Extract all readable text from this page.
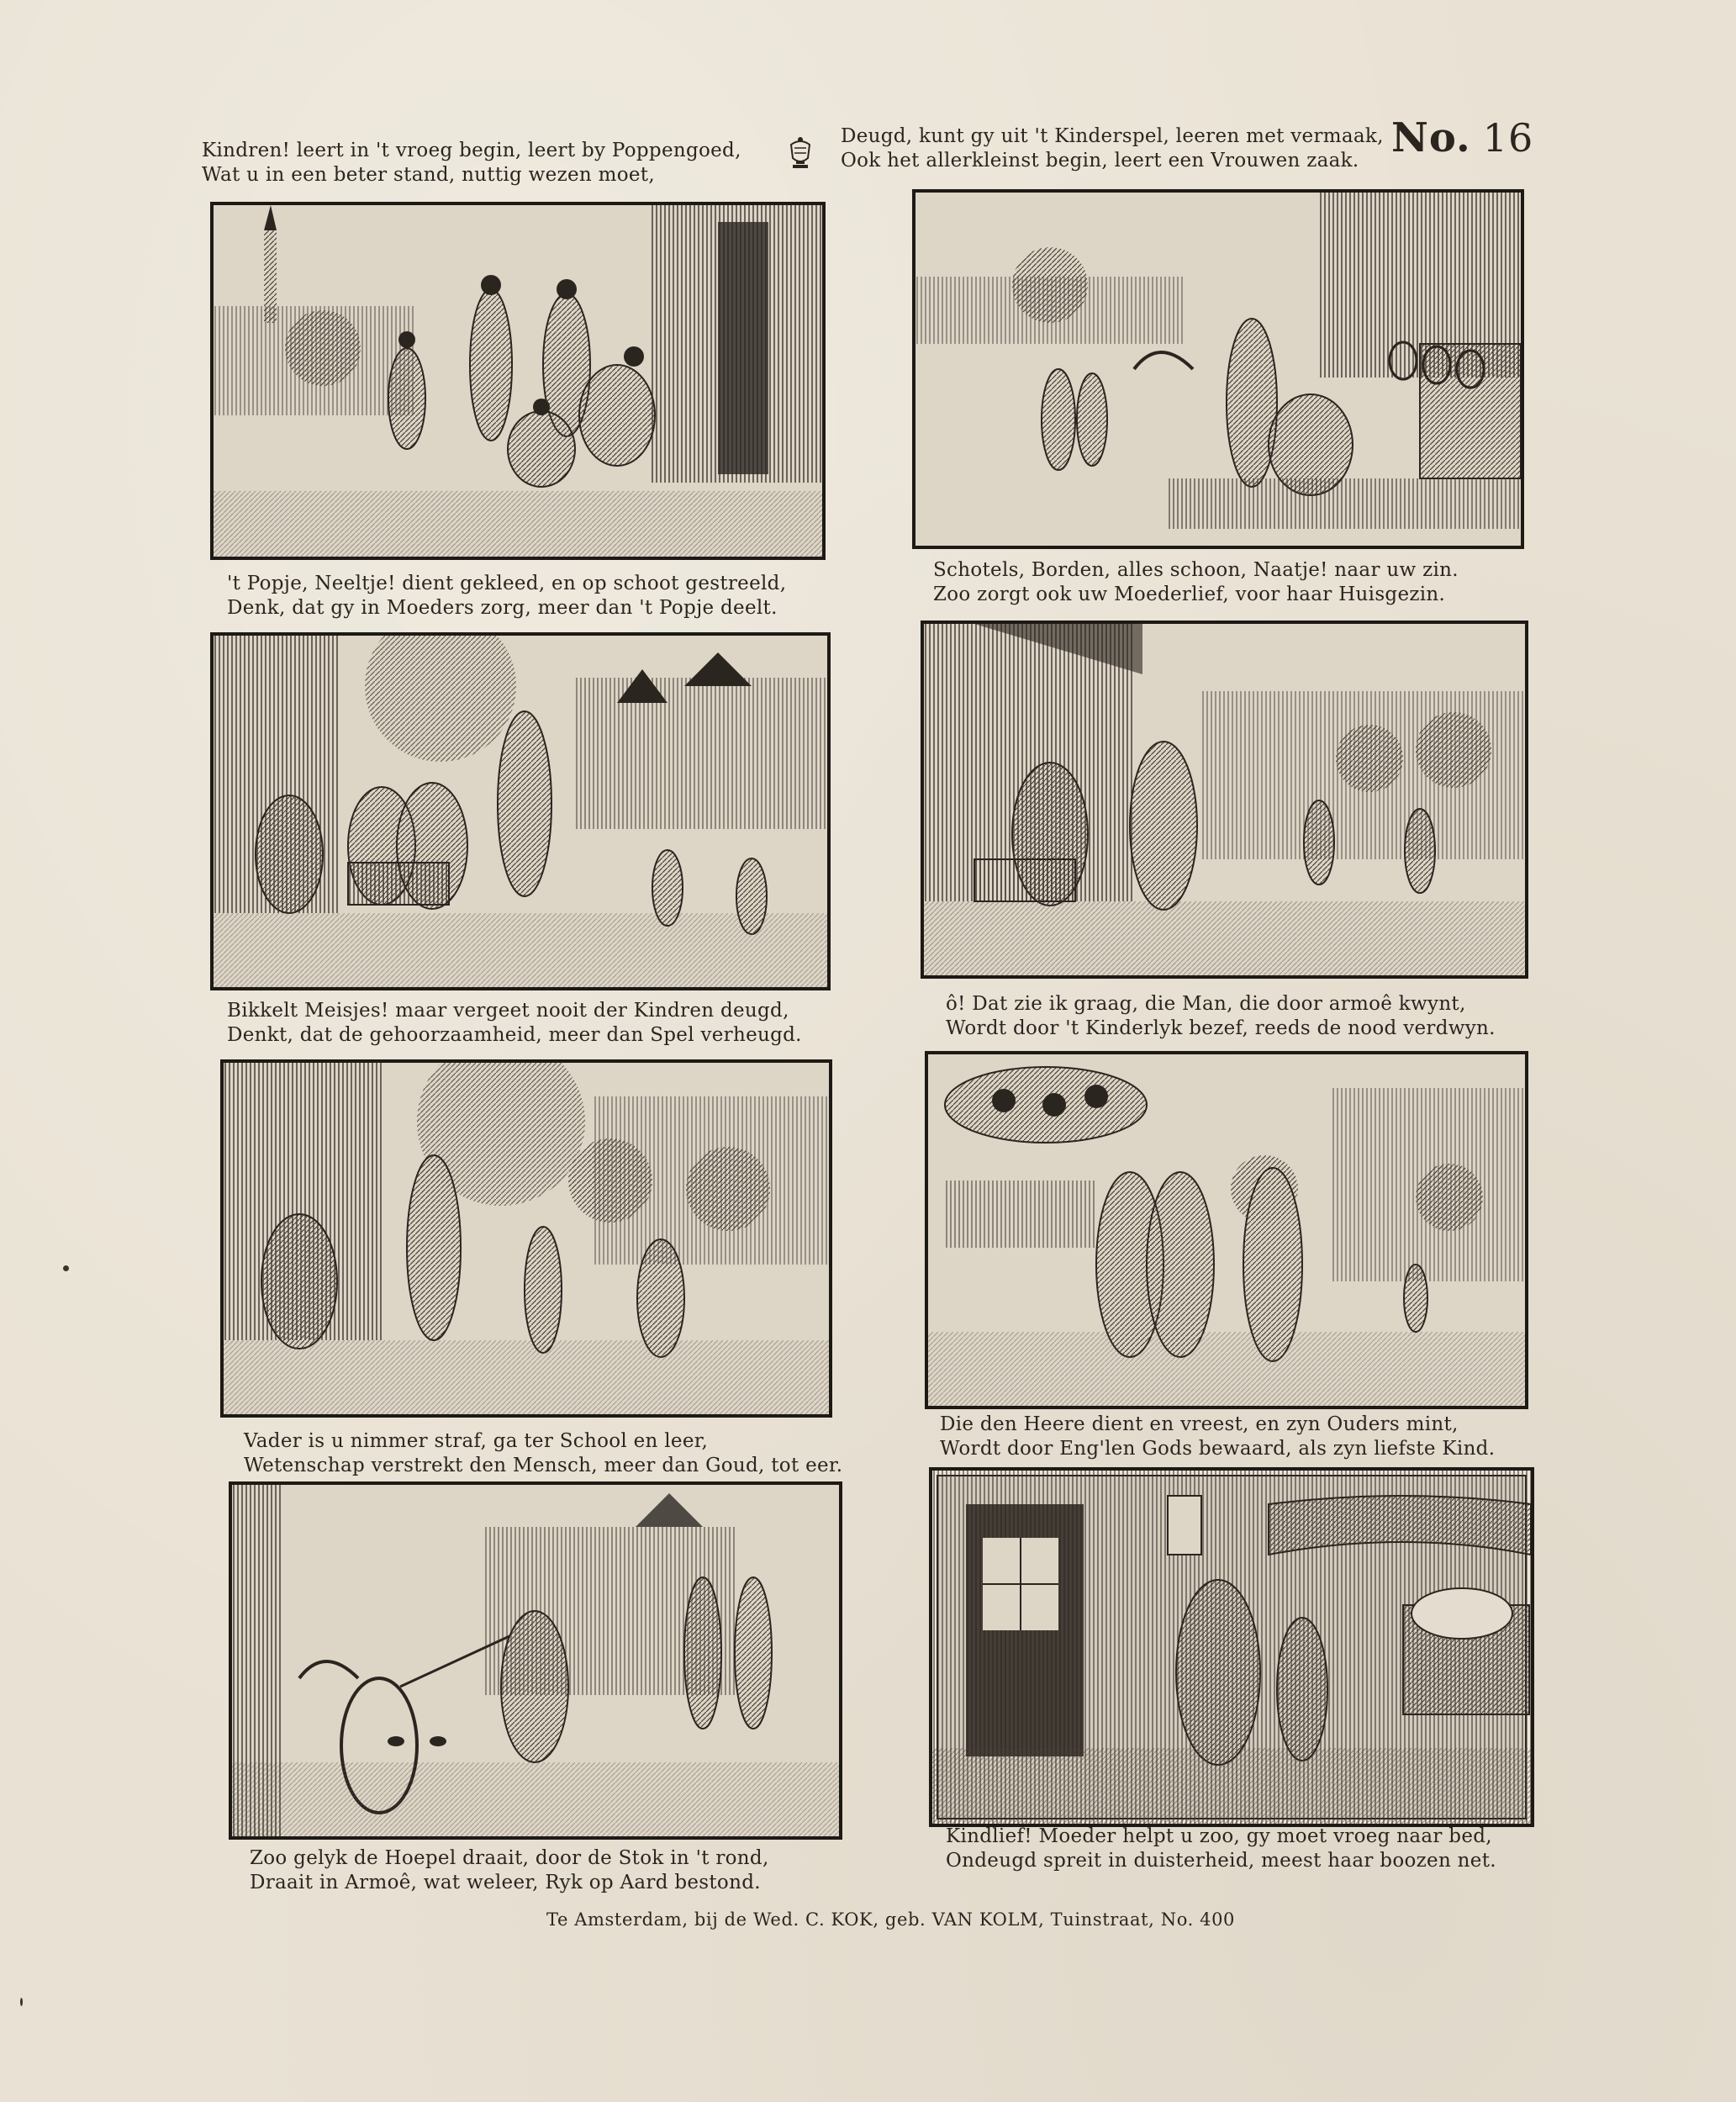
Kindren! leert in 't vroeg begin, leert by Poppengoed,
Wat u in een beter stand, nuttig wezen moet,
Deugd, kunt gy uit 't Kinderspel, leeren met vermaak,
Ook het allerkleinst begin, leert een Vrouwen zaak. No. 16
't Popje, Neeltje! dient gekleed, en op schoot gestreeld,
Denk, dat gy in Moeders zorg, meer dan 't Popje deelt.
Schotels, Borden, alles schoon, Naatje! naar uw zin.
Zoo zorgt ook uw Moederlief, voor haar Huisgezin.
Bikkelt Meisjes! maar vergeet nooit der Kindren deugd,
Denkt, dat de gehoorzaamheid, meer dan Spel verheugd.
ô! Dat zie ik graag, die Man, die door armoê kwynt,
Wordt door 't Kinderlyk bezef, reeds de nood verdwyn.
Vader is u nimmer straf, ga ter School en leer,
Wetenschap verstrekt den Mensch, meer dan Goud, tot eer.
Die den Heere dient en vreest, en zyn Ouders mint,
Wordt door Eng'len Gods bewaard, als zyn liefste Kind.
Zoo gelyk de Hoepel draait, door de Stok in 't rond,
Draait in Armoê, wat weleer, Ryk op Aard bestond.
Kindlief! Moeder helpt u zoo, gy moet vroeg naar bed,
Ondeugd spreit in duisterheid, meest haar boozen net.
Te Amsterdam, bij de Wed. C. KOK, geb. VAN KOLM, Tuinstraat, No. 400
